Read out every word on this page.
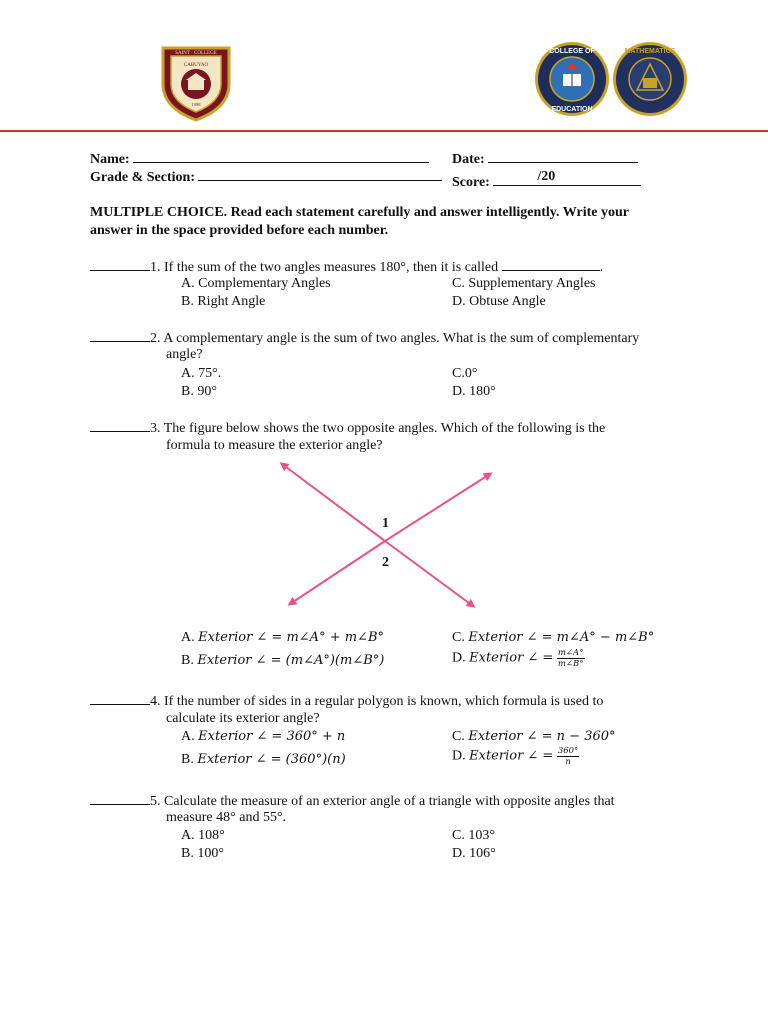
SAINT · COLLEGE
CABUYAO
1998
COLLEGE OF
EDUCATION
MATHEMATICS
Name:	Date:
Grade & Section:	Score:	/20
MULTIPLE CHOICE. Read each statement carefully and answer intelligently. Write your
answer in the space provided before each number.
1. If the sum of the two angles measures 180°, then it is called	.
A. Complementary Angles
B. Right Angle
C. Supplementary Angles
D. Obtuse Angle
2. A complementary angle is the sum of two angles. What is the sum of complementary
angle?
A. 75°.
B. 90°
C.0°
D. 180°
3. The figure below shows the two opposite angles. Which of the following is the
formula to measure the exterior angle?
1
2
A. Exterior ∠ = m∠A° + m∠B°
B. Exterior ∠ = (m∠A°)(m∠B°)
C. Exterior ∠ = m∠A° − m∠B°
D. Exterior ∠ = $\frac{m\angle A^\circ}{m\angle B^\circ}$
4. If the number of sides in a regular polygon is known, which formula is used to
calculate its exterior angle?
A. Exterior ∠ = 360° + n
B. Exterior ∠ = (360°)(n)
C. Exterior ∠ = n − 360°
D. Exterior ∠ = $\frac{360^\circ}{n}$
5. Calculate the measure of an exterior angle of a triangle with opposite angles that
measure 48° and 55°.
A. 108°
B. 100°
C. 103°
D. 106°
